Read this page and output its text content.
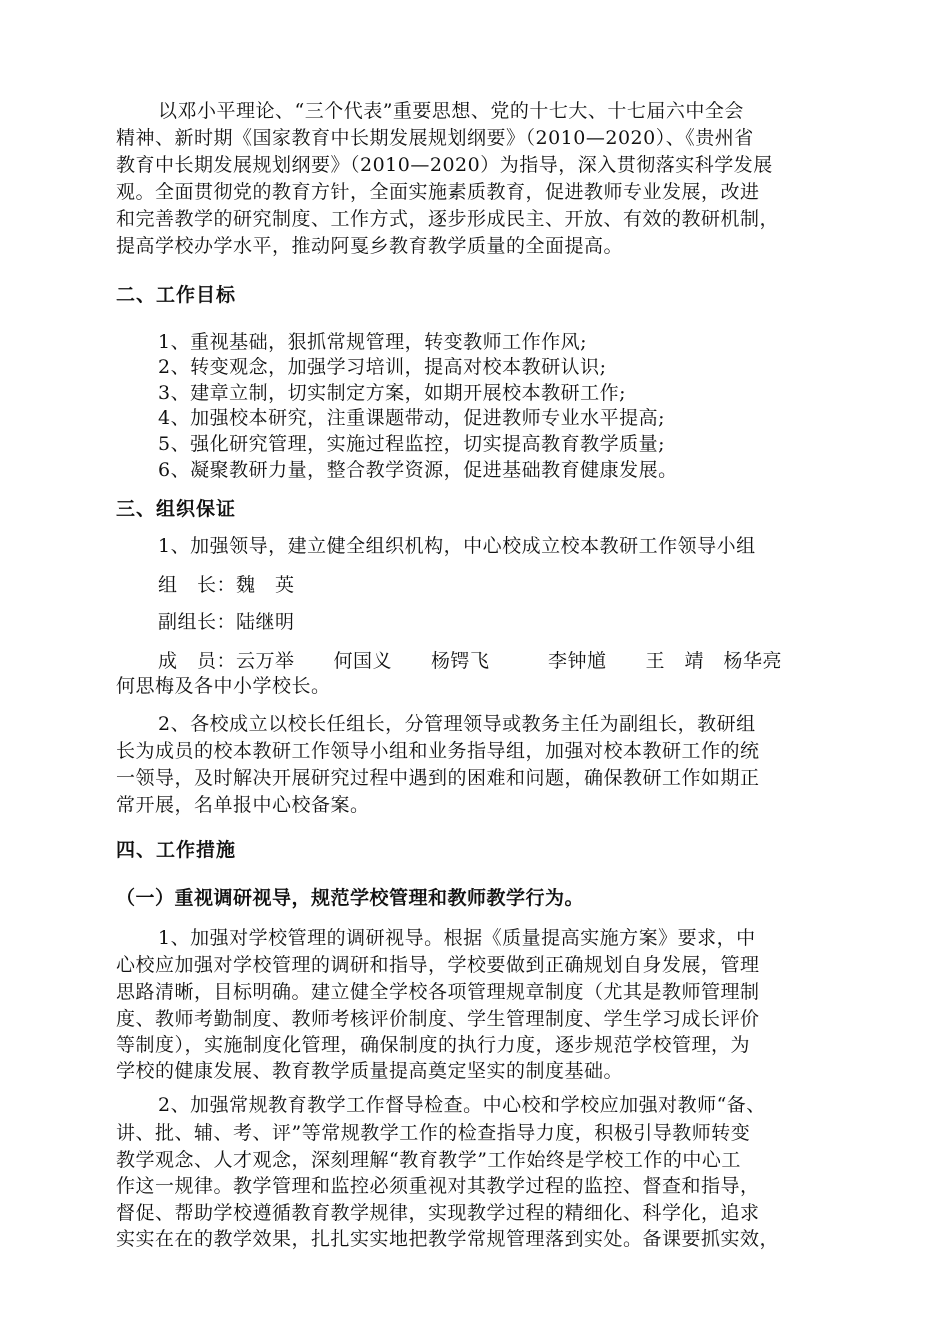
以邓小平理论、“三个代表”重要思想、党的十七大、十七届六中全会
精神、新时期《国家教育中长期发展规划纲要》（2010—2020）、《贵州省
教育中长期发展规划纲要》（2010—2020）为指导，深入贯彻落实科学发展
观。全面贯彻党的教育方针，全面实施素质教育，促进教师专业发展，改进
和完善教学的研究制度、工作方式，逐步形成民主、开放、有效的教研机制，
提高学校办学水平，推动阿戛乡教育教学质量的全面提高。
二、工作目标
1、重视基础，狠抓常规管理，转变教师工作作风;
2、转变观念，加强学习培训，提高对校本教研认识;
3、建章立制，切实制定方案，如期开展校本教研工作;
4、加强校本研究，注重课题带动，促进教师专业水平提高;
5、强化研究管理，实施过程监控，切实提高教育教学质量;
6、凝聚教研力量，整合教学资源，促进基础教育健康发展。
三、组织保证
1、加强领导，建立健全组织机构，中心校成立校本教研工作领导小组
组　长：魏　英
副组长：陆继明
成　员：云万举　　何国义　　杨锷飞　　　李钟馗　　王　靖　杨华亮
何思梅及各中小学校长。
2、各校成立以校长任组长，分管理领导或教务主任为副组长，教研组
长为成员的校本教研工作领导小组和业务指导组，加强对校本教研工作的统
一领导，及时解决开展研究过程中遇到的困难和问题，确保教研工作如期正
常开展，名单报中心校备案。
四、工作措施
（一）重视调研视导，规范学校管理和教师教学行为。
1、加强对学校管理的调研视导。根据《质量提高实施方案》要求，中
心校应加强对学校管理的调研和指导，学校要做到正确规划自身发展，管理
思路清晰，目标明确。建立健全学校各项管理规章制度（尤其是教师管理制
度、教师考勤制度、教师考核评价制度、学生管理制度、学生学习成长评价
等制度），实施制度化管理，确保制度的执行力度，逐步规范学校管理，为
学校的健康发展、教育教学质量提高奠定坚实的制度基础。
2、加强常规教育教学工作督导检查。中心校和学校应加强对教师“备、
讲、批、辅、考、评”等常规教学工作的检查指导力度，积极引导教师转变
教学观念、人才观念，深刻理解“教育教学”工作始终是学校工作的中心工
作这一规律。教学管理和监控必须重视对其教学过程的监控、督查和指导，
督促、帮助学校遵循教育教学规律，实现教学过程的精细化、科学化，追求
实实在在的教学效果，扎扎实实地把教学常规管理落到实处。备课要抓实效，
